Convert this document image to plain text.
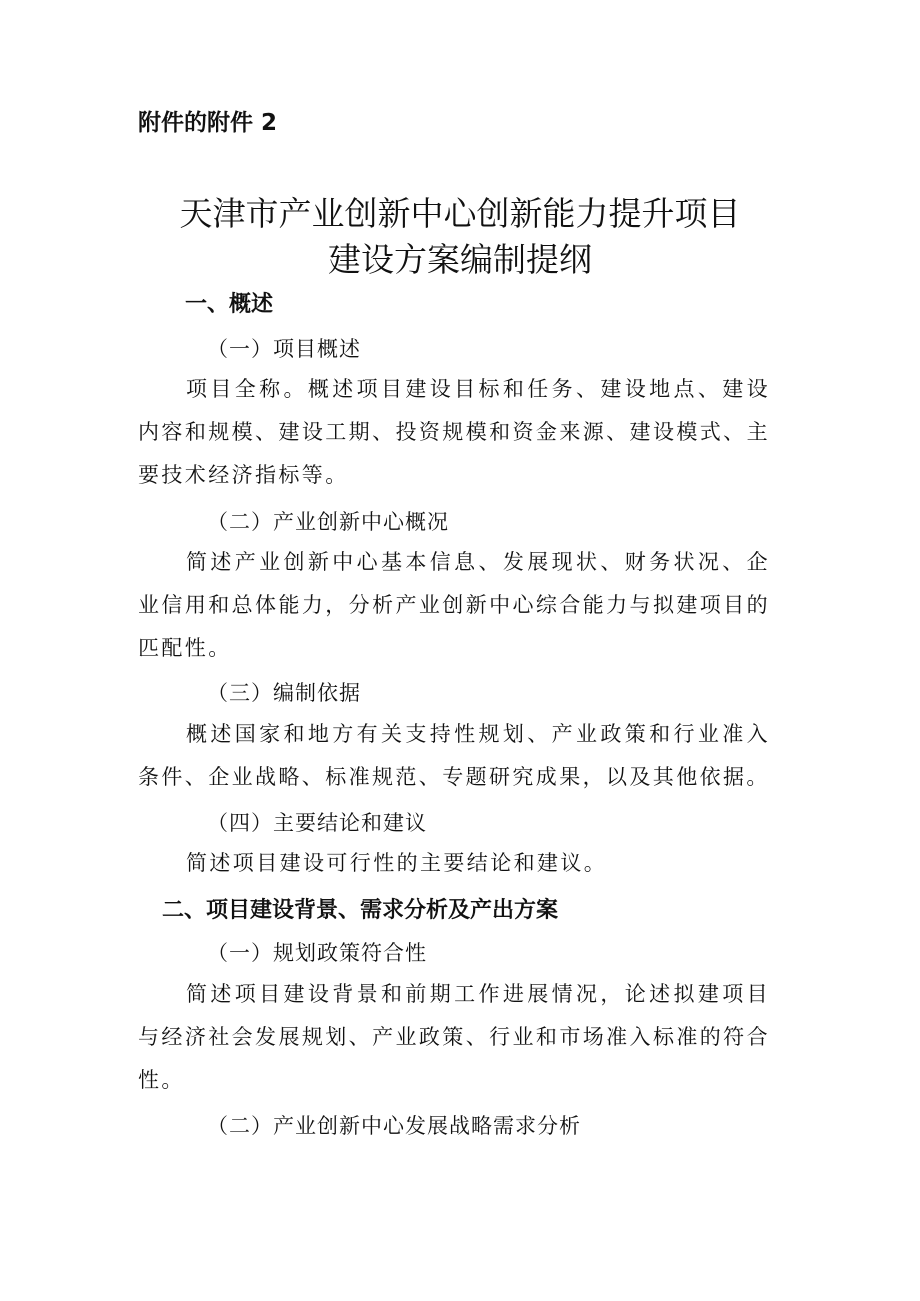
附件的附件 2
天津市产业创新中心创新能力提升项目
建设方案编制提纲
一、概述
（一）项目概述
项目全称。概述项目建设目标和任务、建设地点、建设内容和规模、建设工期、投资规模和资金来源、建设模式、主要技术经济指标等。
（二）产业创新中心概况
简述产业创新中心基本信息、发展现状、财务状况、企业信用和总体能力，分析产业创新中心综合能力与拟建项目的匹配性。
（三）编制依据
概述国家和地方有关支持性规划、产业政策和行业准入条件、企业战略、标准规范、专题研究成果，以及其他依据。
（四）主要结论和建议
简述项目建设可行性的主要结论和建议。
二、项目建设背景、需求分析及产出方案
（一）规划政策符合性
简述项目建设背景和前期工作进展情况，论述拟建项目与经济社会发展规划、产业政策、行业和市场准入标准的符合性。
（二）产业创新中心发展战略需求分析
